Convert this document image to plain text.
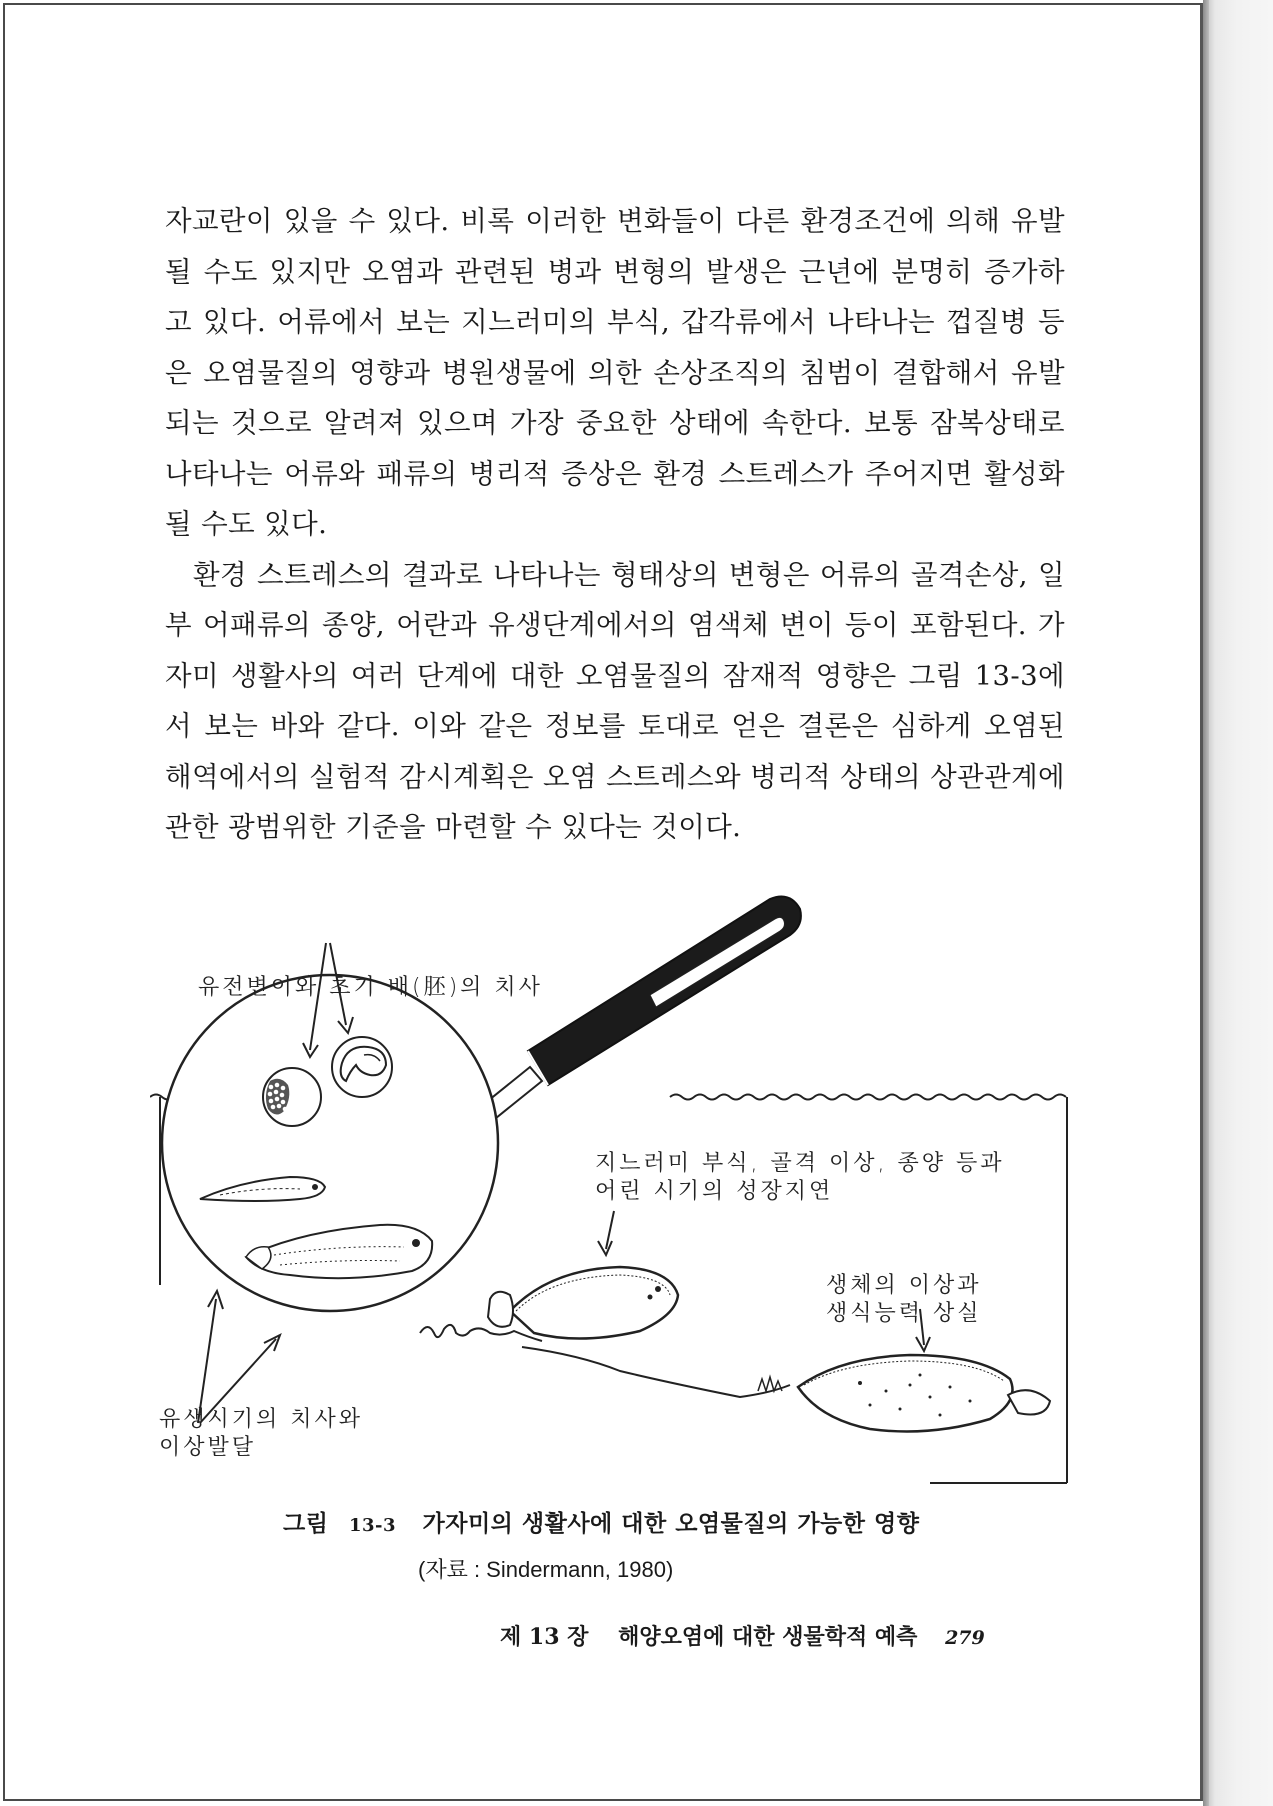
자교란이 있을 수 있다. 비록 이러한 변화들이 다른 환경조건에 의해 유발될 수도 있지만 오염과 관련된 병과 변형의 발생은 근년에 분명히 증가하고 있다. 어류에서 보는 지느러미의 부식, 갑각류에서 나타나는 껍질병 등은 오염물질의 영향과 병원생물에 의한 손상조직의 침범이 결합해서 유발되는 것으로 알려져 있으며 가장 중요한 상태에 속한다. 보통 잠복상태로 나타나는 어류와 패류의 병리적 증상은 환경 스트레스가 주어지면 활성화될 수도 있다.

환경 스트레스의 결과로 나타나는 형태상의 변형은 어류의 골격손상, 일부 어패류의 종양, 어란과 유생단계에서의 염색체 변이 등이 포함된다. 가자미 생활사의 여러 단계에 대한 오염물질의 잠재적 영향은 그림 13-3에서 보는 바와 같다. 이와 같은 정보를 토대로 얻은 결론은 심하게 오염된 해역에서의 실험적 감시계획은 오염 스트레스와 병리적 상태의 상관관계에 관한 광범위한 기준을 마련할 수 있다는 것이다.

유전변이와 초기 배(胚)의 치사
유생시기의 치사와
이상발달
지느러미 부식, 골격 이상, 종양 등과
어린 시기의 성장지연
생체의 이상과
생식능력 상실
그림 13-3 가자미의 생활사에 대한 오염물질의 가능한 영향
(자료 : Sindermann, 1980)
제 13 장 해양오염에 대한 생물학적 예측 279
